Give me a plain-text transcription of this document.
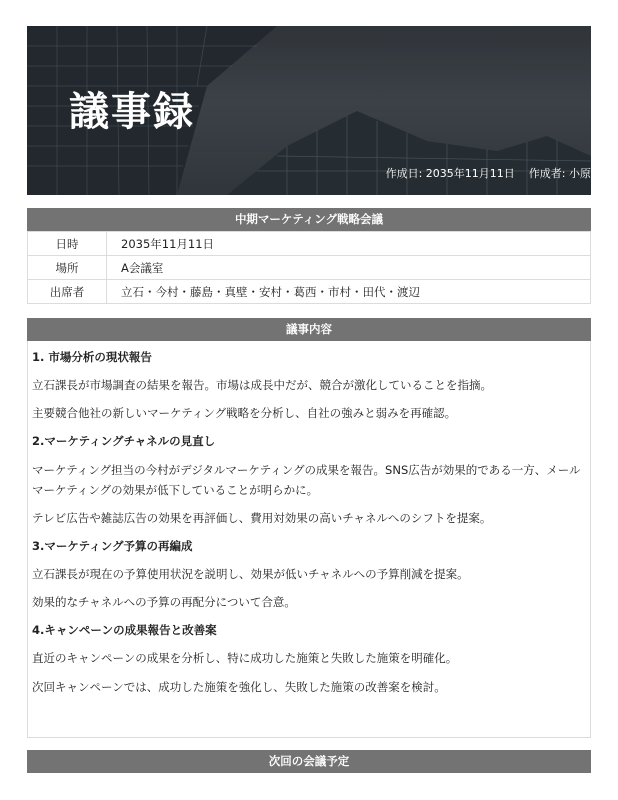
議事録
作成日: 2035年11月11日 作成者: 小原
中期マーケティング戦略会議
日時	2035年11月11日
場所	A会議室
出席者	立石・今村・藤島・真壁・安村・葛西・市村・田代・渡辺
議事内容
1. 市場分析の現状報告

立石課長が市場調査の結果を報告。市場は成長中だが、競合が激化していることを指摘。

主要競合他社の新しいマーケティング戦略を分析し、自社の強みと弱みを再確認。

2.マーケティングチャネルの見直し

マーケティング担当の今村がデジタルマーケティングの成果を報告。SNS広告が効果的である一方、メールマーケティングの効果が低下していることが明らかに。

テレビ広告や雑誌広告の効果を再評価し、費用対効果の高いチャネルへのシフトを提案。

3.マーケティング予算の再編成

立石課長が現在の予算使用状況を説明し、効果が低いチャネルへの予算削減を提案。

効果的なチャネルへの予算の再配分について合意。

4.キャンペーンの成果報告と改善案

直近のキャンペーンの成果を分析し、特に成功した施策と失敗した施策を明確化。

次回キャンペーンでは、成功した施策を強化し、失敗した施策の改善案を検討。

次回の会議予定
